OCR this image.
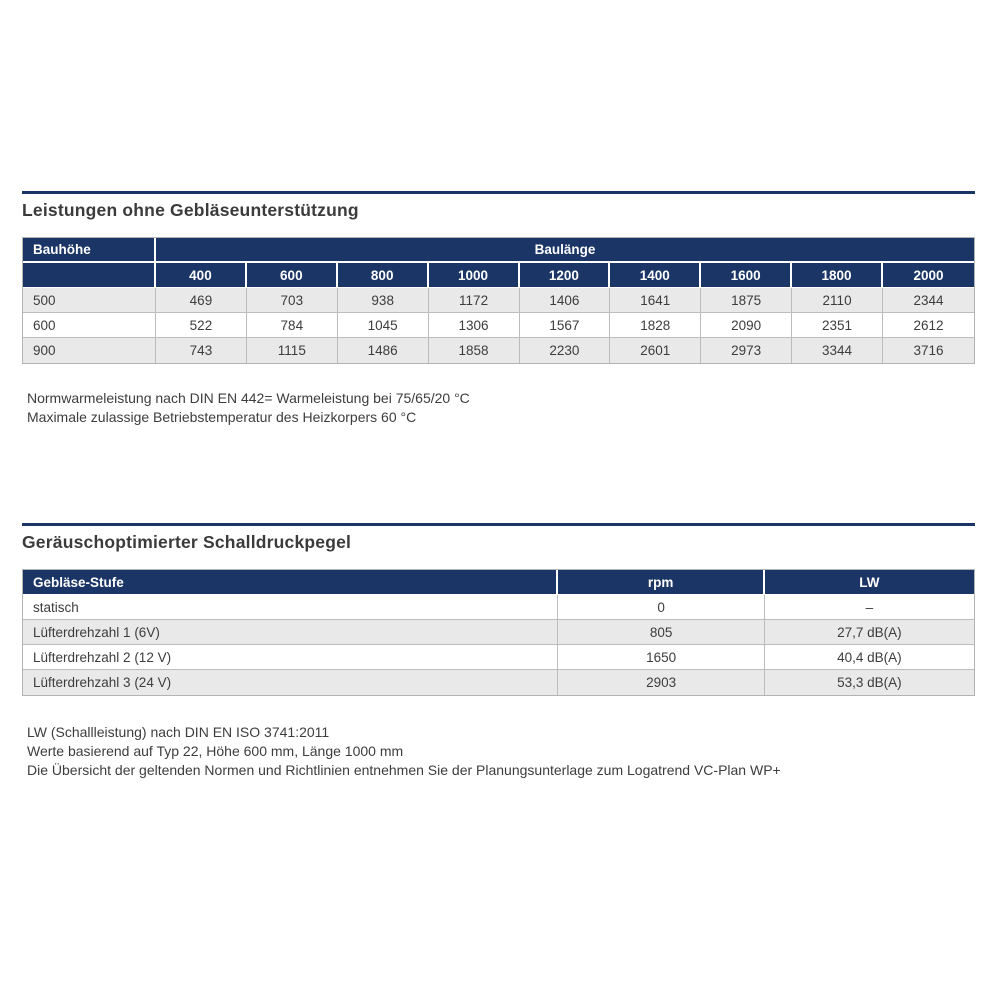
Leistungen ohne Gebläseunterstützung
Bauhöhe	Baulänge								
	400	600	800	1000	1200	1400	1600	1800	2000
500	469	703	938	1172	1406	1641	1875	2110	2344
600	522	784	1045	1306	1567	1828	2090	2351	2612
900	743	1115	1486	1858	2230	2601	2973	3344	3716

Normwarmeleistung nach DIN EN 442= Warmeleistung bei 75/65/20 °C

Maximale zulassige Betriebstemperatur des Heizkorpers 60 °C

Geräuschoptimierter Schalldruckpegel
Gebläse-Stufe	rpm	LW
statisch	0	–
Lüfterdrehzahl 1 (6V)	805	27,7 dB(A)
Lüfterdrehzahl 2 (12 V)	1650	40,4 dB(A)
Lüfterdrehzahl 3 (24 V)	2903	53,3 dB(A)

LW (Schallleistung) nach DIN EN ISO 3741:2011

Werte basierend auf Typ 22, Höhe 600 mm, Länge 1000 mm

Die Übersicht der geltenden Normen und Richtlinien entnehmen Sie der Planungsunterlage zum Logatrend VC-Plan WP+
